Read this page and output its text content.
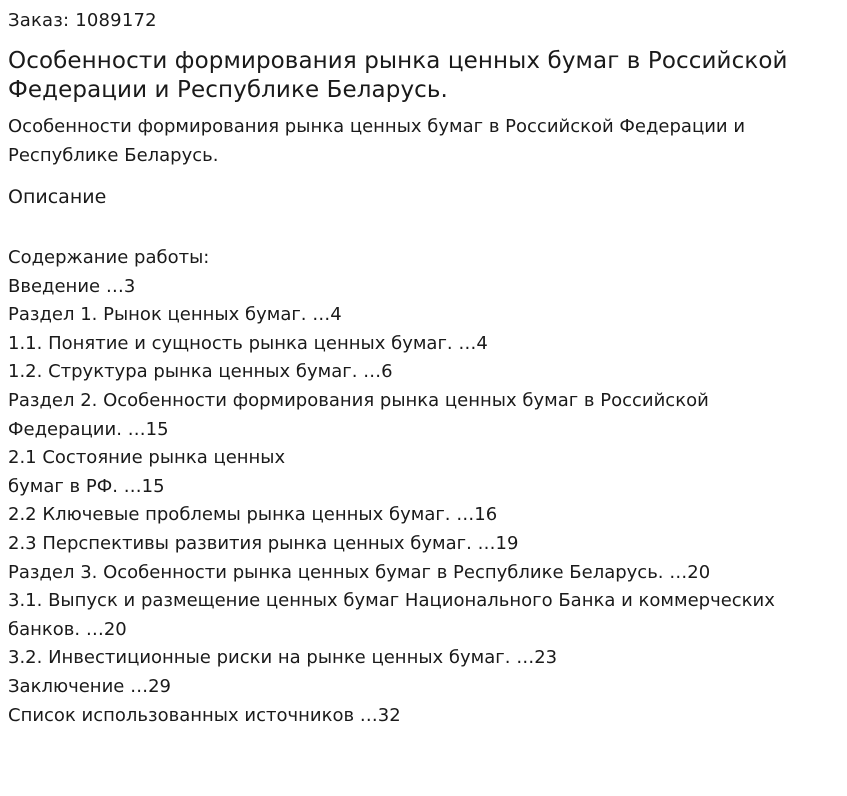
Заказ: 1089172

Особенности формирования рынка ценных бумаг в Российской Федерации и Республике Беларусь.

Особенности формирования рынка ценных бумаг в Российской Федерации и Республике Беларусь.

Описание

Содержание работы:

Введение …3

Раздел 1. Рынок ценных бумаг. …4

1.1. Понятие и сущность рынка ценных бумаг. …4

1.2. Структура рынка ценных бумаг. …6

Раздел 2. Особенности формирования рынка ценных бумаг в Российской

Федерации. …15

2.1 Состояние рынка ценных

бумаг в РФ. …15

2.2 Ключевые проблемы рынка ценных бумаг. …16

2.3 Перспективы развития рынка ценных бумаг. …19

Раздел 3. Особенности рынка ценных бумаг в Республике Беларусь. …20

3.1. Выпуск и размещение ценных бумаг Национального Банка и коммерческих

банков. …20

3.2. Инвестиционные риски на рынке ценных бумаг. …23

Заключение …29

Список использованных источников …32
